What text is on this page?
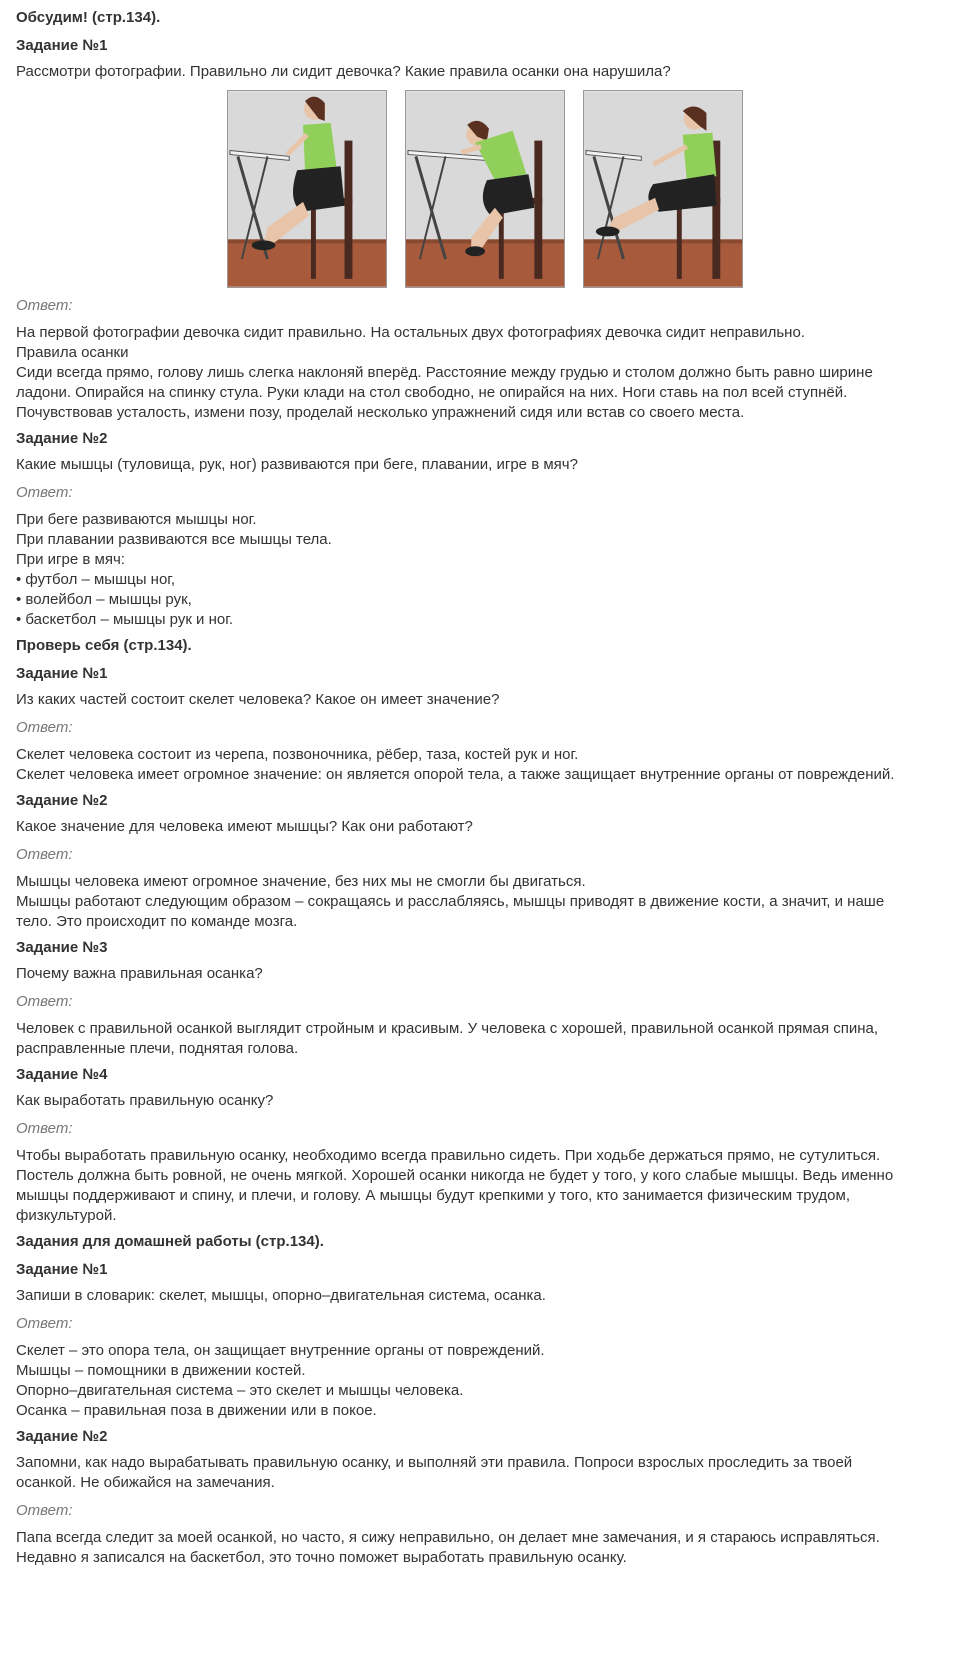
Обсудим! (стр.134).
Задание №1

Рассмотри фотографии. Правильно ли сидит девочка? Какие правила осанки она нарушила?

Ответ:

На первой фотографии девочка сидит правильно. На остальных двух фотографиях девочка сидит неправильно.

Правила осанки

Сиди всегда прямо, голову лишь слегка наклоняй вперёд. Расстояние между грудью и столом должно быть равно ширине

ладони. Опирайся на спинку стула. Руки клади на стол свободно, не опирайся на них. Ноги ставь на пол всей ступнёй.

Почувствовав усталость, измени позу, проделай несколько упражнений сидя или встав со своего места.

Задание №2

Какие мышцы (туловища, рук, ног) развиваются при беге, плавании, игре в мяч?

Ответ:

При беге развиваются мышцы ног.

При плавании развиваются все мышцы тела.

При игре в мяч:

• футбол – мышцы ног,

• волейбол – мышцы рук,

• баскетбол – мышцы рук и ног.

Проверь себя (стр.134).
Задание №1

Из каких частей состоит скелет человека? Какое он имеет значение?

Ответ:

Скелет человека состоит из черепа, позвоночника, рёбер, таза, костей рук и ног.

Скелет человека имеет огромное значение: он является опорой тела, а также защищает внутренние органы от повреждений.

Задание №2

Какое значение для человека имеют мышцы? Как они работают?

Ответ:

Мышцы человека имеют огромное значение, без них мы не смогли бы двигаться.

Мышцы работают следующим образом – сокращаясь и расслабляясь, мышцы приводят в движение кости, а значит, и наше

тело. Это происходит по команде мозга.

Задание №3

Почему важна правильная осанка?

Ответ:

Человек с правильной осанкой выглядит стройным и красивым. У человека с хорошей, правильной осанкой прямая спина,

расправленные плечи, поднятая голова.

Задание №4

Как выработать правильную осанку?

Ответ:

Чтобы выработать правильную осанку, необходимо всегда правильно сидеть. При ходьбе держаться прямо, не сутулиться.

Постель должна быть ровной, не очень мягкой. Хорошей осанки никогда не будет у того, у кого слабые мышцы. Ведь именно

мышцы поддерживают и спину, и плечи, и голову. А мышцы будут крепкими у того, кто занимается физическим трудом,

физкультурой.

Задания для домашней работы (стр.134).
Задание №1

Запиши в словарик: скелет, мышцы, опорно–двигательная система, осанка.

Ответ:

Скелет – это опора тела, он защищает внутренние органы от повреждений.

Мышцы – помощники в движении костей.

Опорно–двигательная система – это скелет и мышцы человека.

Осанка – правильная поза в движении или в покое.

Задание №2

Запомни, как надо вырабатывать правильную осанку, и выполняй эти правила. Попроси взрослых проследить за твоей

осанкой. Не обижайся на замечания.

Ответ:

Папа всегда следит за моей осанкой, но часто, я сижу неправильно, он делает мне замечания, и я стараюсь исправляться.

Недавно я записался на баскетбол, это точно поможет выработать правильную осанку.
